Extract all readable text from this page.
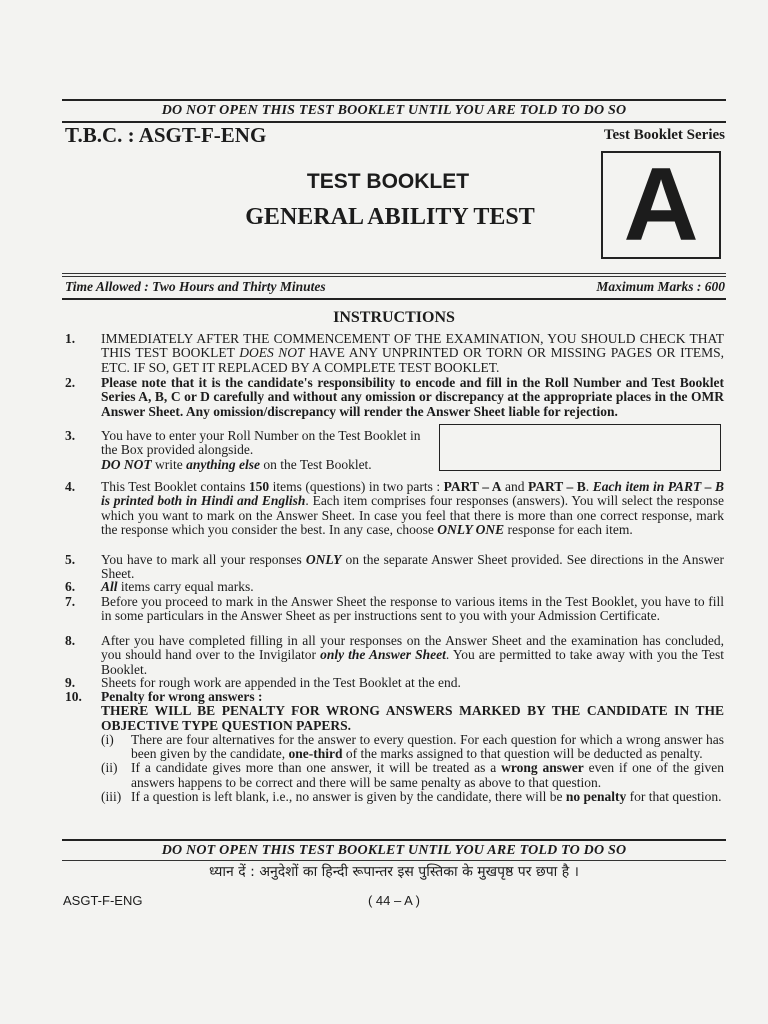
DO NOT OPEN THIS TEST BOOKLET UNTIL YOU ARE TOLD TO DO SO
T.B.C. : ASGT-F-ENG	Test Booklet Series
TEST BOOKLET
GENERAL ABILITY TEST A
Time Allowed : Two Hours and Thirty Minutes	Maximum Marks : 600
INSTRUCTIONS
1. IMMEDIATELY AFTER THE COMMENCEMENT OF THE EXAMINATION, YOU SHOULD CHECK THAT THIS TEST BOOKLET DOES NOT HAVE ANY UNPRINTED OR TORN OR MISSING PAGES OR ITEMS, ETC. IF SO, GET IT REPLACED BY A COMPLETE TEST BOOKLET.
2. Please note that it is the candidate's responsibility to encode and fill in the Roll Number and Test Booklet Series A, B, C or D carefully and without any omission or discrepancy at the appropriate places in the OMR Answer Sheet. Any omission/discrepancy will render the Answer Sheet liable for rejection.
3. You have to enter your Roll Number on the Test Booklet in the Box provided alongside.
DO NOT write anything else on the Test Booklet.
4. This Test Booklet contains 150 items (questions) in two parts : PART – A and PART – B. Each item in PART – B is printed both in Hindi and English. Each item comprises four responses (answers). You will select the response which you want to mark on the Answer Sheet. In case you feel that there is more than one correct response, mark the response which you consider the best. In any case, choose ONLY ONE response for each item.
5. You have to mark all your responses ONLY on the separate Answer Sheet provided. See directions in the Answer Sheet.
6. All items carry equal marks.
7. Before you proceed to mark in the Answer Sheet the response to various items in the Test Booklet, you have to fill in some particulars in the Answer Sheet as per instructions sent to you with your Admission Certificate.
8. After you have completed filling in all your responses on the Answer Sheet and the examination has concluded, you should hand over to the Invigilator only the Answer Sheet. You are permitted to take away with you the Test Booklet.
9. Sheets for rough work are appended in the Test Booklet at the end.
10. Penalty for wrong answers :
THERE WILL BE PENALTY FOR WRONG ANSWERS MARKED BY THE CANDIDATE IN THE OBJECTIVE TYPE QUESTION PAPERS.
(i) There are four alternatives for the answer to every question. For each question for which a wrong answer has been given by the candidate, one-third of the marks assigned to that question will be deducted as penalty.
(ii) If a candidate gives more than one answer, it will be treated as a wrong answer even if one of the given answers happens to be correct and there will be same penalty as above to that question.
(iii) If a question is left blank, i.e., no answer is given by the candidate, there will be no penalty for that question.
DO NOT OPEN THIS TEST BOOKLET UNTIL YOU ARE TOLD TO DO SO
ध्यान दें : अनुदेशों का हिन्दी रूपान्तर इस पुस्तिका के मुखपृष्ठ पर छपा है ।
ASGT-F-ENG	( 44 – A )
